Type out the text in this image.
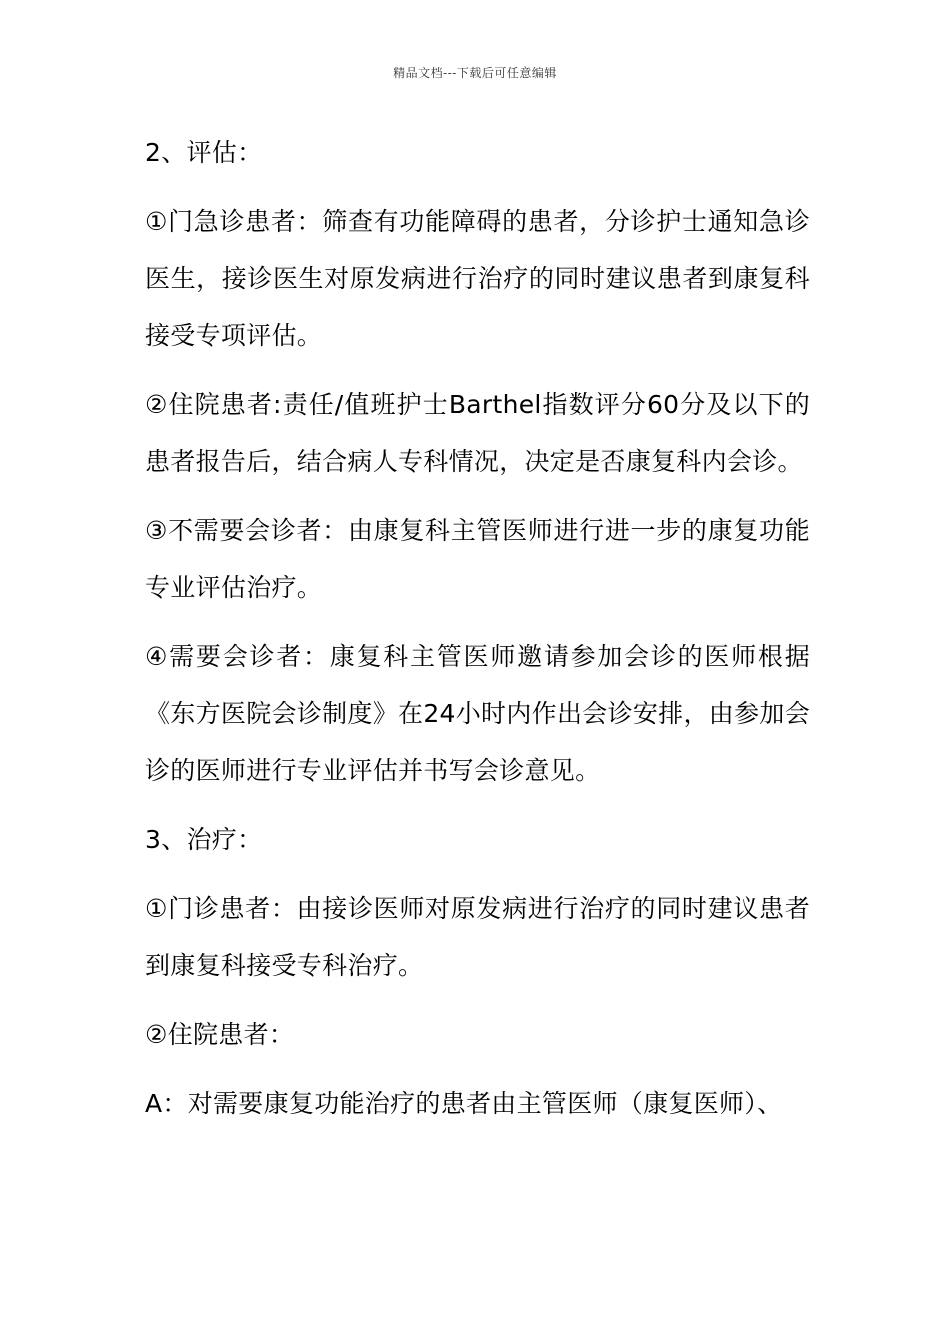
精品文档---下载后可任意编辑

2、评估：

①门急诊患者：筛查有功能障碍的患者，分诊护士通知急诊医生，接诊医生对原发病进行治疗的同时建议患者到康复科接受专项评估。

②住院患者:责任/值班护士Barthel指数评分60分及以下的患者报告后，结合病人专科情况，决定是否康复科内会诊。

③不需要会诊者：由康复科主管医师进行进一步的康复功能专业评估治疗。

④需要会诊者：康复科主管医师邀请参加会诊的医师根据《东方医院会诊制度》在24小时内作出会诊安排，由参加会诊的医师进行专业评估并书写会诊意见。

3、治疗：

①门诊患者：由接诊医师对原发病进行治疗的同时建议患者到康复科接受专科治疗。

②住院患者：

A：对需要康复功能治疗的患者由主管医师（康复医师）、
